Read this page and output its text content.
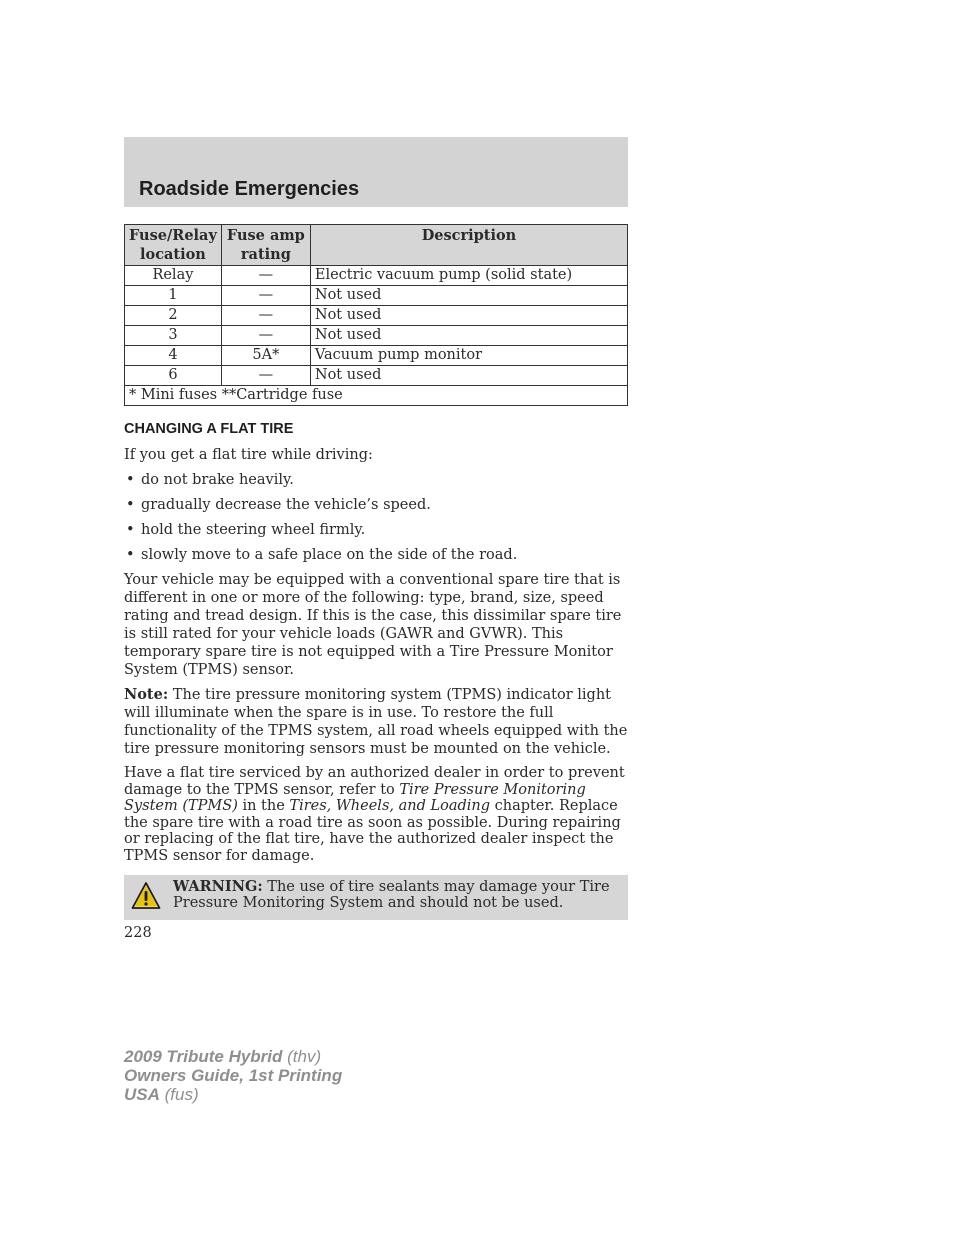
Roadside Emergencies
Fuse/Relay location	Fuse amp rating	Description
Relay	—	Electric vacuum pump (solid state)
1	—	Not used
2	—	Not used
3	—	Not used
4	5A*	Vacuum pump monitor
6	—	Not used
* Mini fuses **Cartridge fuse		
CHANGING A FLAT TIRE
If you get a flat tire while driving:
• do not brake heavily.
• gradually decrease the vehicle’s speed.
• hold the steering wheel firmly.
• slowly move to a safe place on the side of the road.
Your vehicle may be equipped with a conventional spare tire that is different in one or more of the following: type, brand, size, speed rating and tread design. If this is the case, this dissimilar spare tire is still rated for your vehicle loads (GAWR and GVWR). This temporary spare tire is not equipped with a Tire Pressure Monitor System (TPMS) sensor.
Note: The tire pressure monitoring system (TPMS) indicator light will illuminate when the spare is in use. To restore the full functionality of the TPMS system, all road wheels equipped with the tire pressure monitoring sensors must be mounted on the vehicle.
Have a flat tire serviced by an authorized dealer in order to prevent damage to the TPMS sensor, refer to Tire Pressure Monitoring System (TPMS) in the Tires, Wheels, and Loading chapter. Replace the spare tire with a road tire as soon as possible. During repairing or replacing of the flat tire, have the authorized dealer inspect the TPMS sensor for damage.
WARNING: The use of tire sealants may damage your Tire Pressure Monitoring System and should not be used.
228
2009 Tribute Hybrid (thv)
Owners Guide, 1st Printing
USA (fus)
